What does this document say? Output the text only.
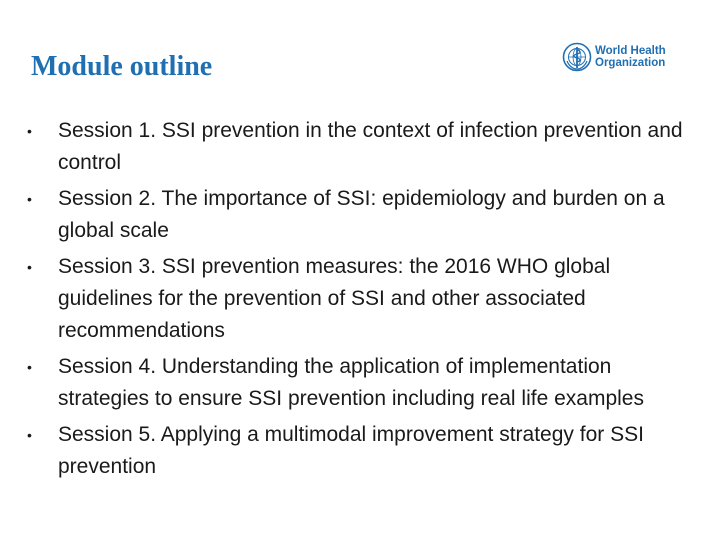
Module outline	World Health
Organization
• Session 1. SSI prevention in the context of infection prevention and control
• Session 2. The importance of SSI: epidemiology and burden on a global scale
• Session 3. SSI prevention measures: the 2016 WHO global guidelines for the prevention of SSI and other associated recommendations
• Session 4. Understanding the application of implementation strategies to ensure SSI prevention including real life examples
• Session 5. Applying a multimodal improvement strategy for SSI prevention
